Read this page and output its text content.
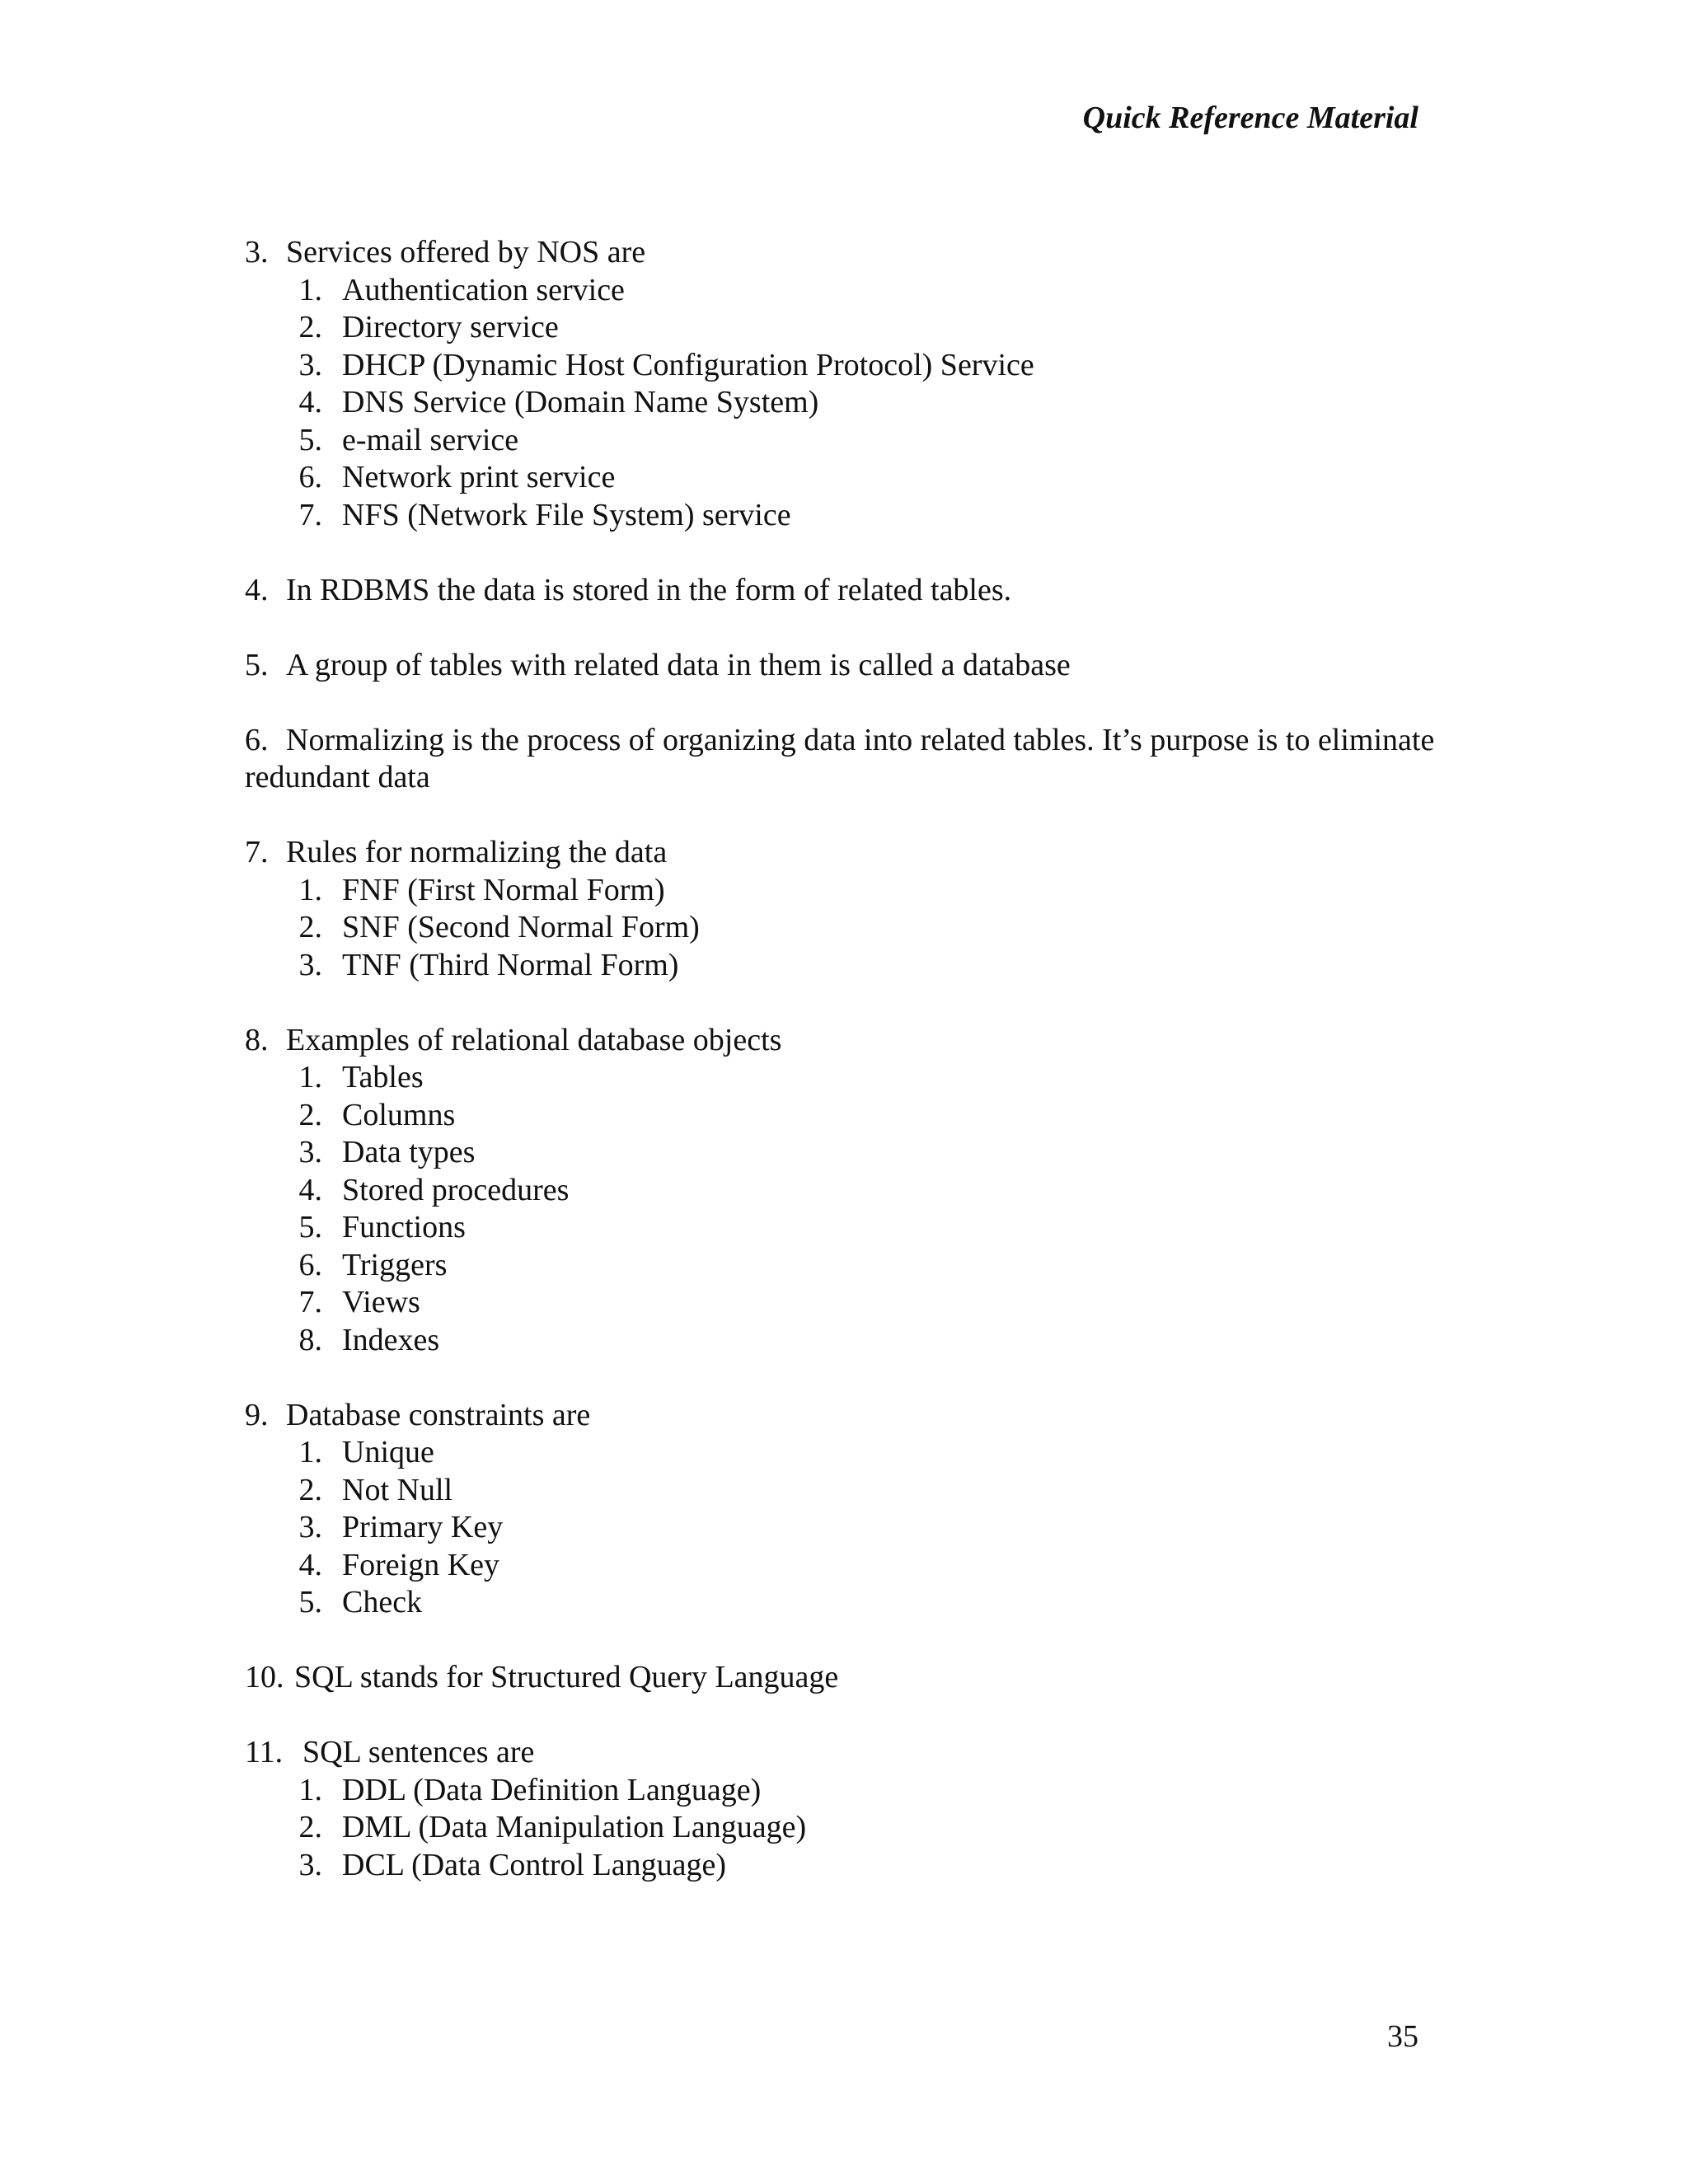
Quick Reference Material
3. Services offered by NOS are
1. Authentication service
2. Directory service
3. DHCP (Dynamic Host Configuration Protocol) Service
4. DNS Service (Domain Name System)
5. e-mail service
6. Network print service
7. NFS (Network File System) service
4. In RDBMS the data is stored in the form of related tables.
5. A group of tables with related data in them is called a database
6. Normalizing is the process of organizing data into related tables. It’s purpose is to eliminate redundant data
7. Rules for normalizing the data
1. FNF (First Normal Form)
2. SNF (Second Normal Form)
3. TNF (Third Normal Form)
8. Examples of relational database objects
1. Tables
2. Columns
3. Data types
4. Stored procedures
5. Functions
6. Triggers
7. Views
8. Indexes
9. Database constraints are
1. Unique
2. Not Null
3. Primary Key
4. Foreign Key
5. Check
10. SQL stands for Structured Query Language
11. SQL sentences are
1. DDL (Data Definition Language)
2. DML (Data Manipulation Language)
3. DCL (Data Control Language)
35
